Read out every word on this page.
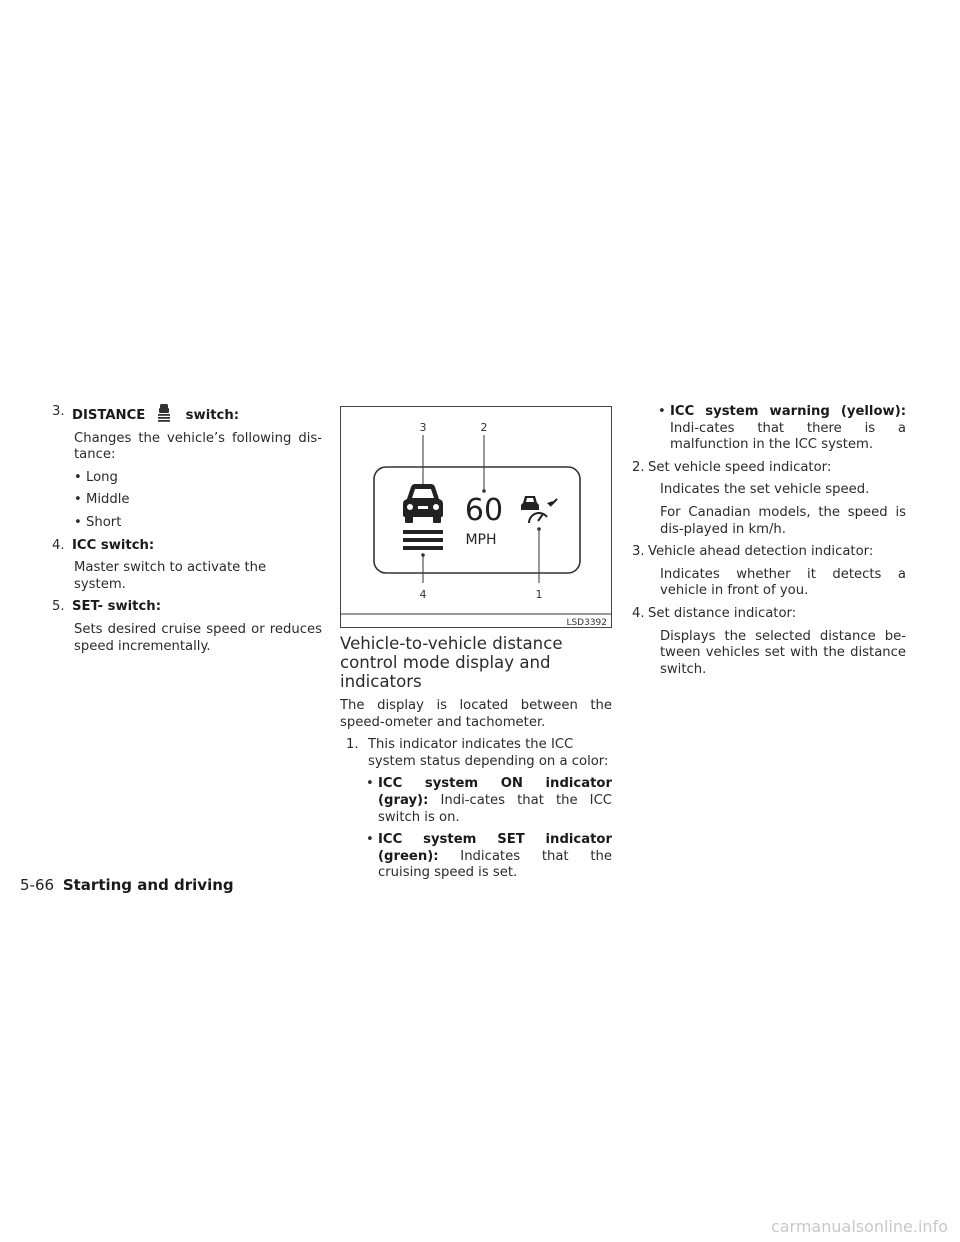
3. DISTANCE	switch:

Changes the vehicle’s following dis-tance:

• Long

• Middle

• Short

4. ICC switch:

Master switch to activate the system.

5. SET- switch:

Sets desired cruise speed or reduces speed incrementally.

3	2
4	1
60
MPH
LSD3392
Vehicle-to-vehicle distance control mode display and indicators

The display is located between the speed-ometer and tachometer.

1. This indicator indicates the ICC system status depending on a color:
• ICC system ON indicator (gray): Indi-cates that the ICC switch is on.
• ICC system SET indicator (green): Indicates that the cruising speed is set.
• ICC system warning (yellow): Indi-cates that there is a malfunction in the ICC system.
2. Set vehicle speed indicator:

Indicates the set vehicle speed.

For Canadian models, the speed is dis-played in km/h.

3. Vehicle ahead detection indicator:

Indicates whether it detects a vehicle in front of you.

4. Set distance indicator:

Displays the selected distance be-tween vehicles set with the distance switch.

5-66 Starting and driving
carmanualsonline.info
